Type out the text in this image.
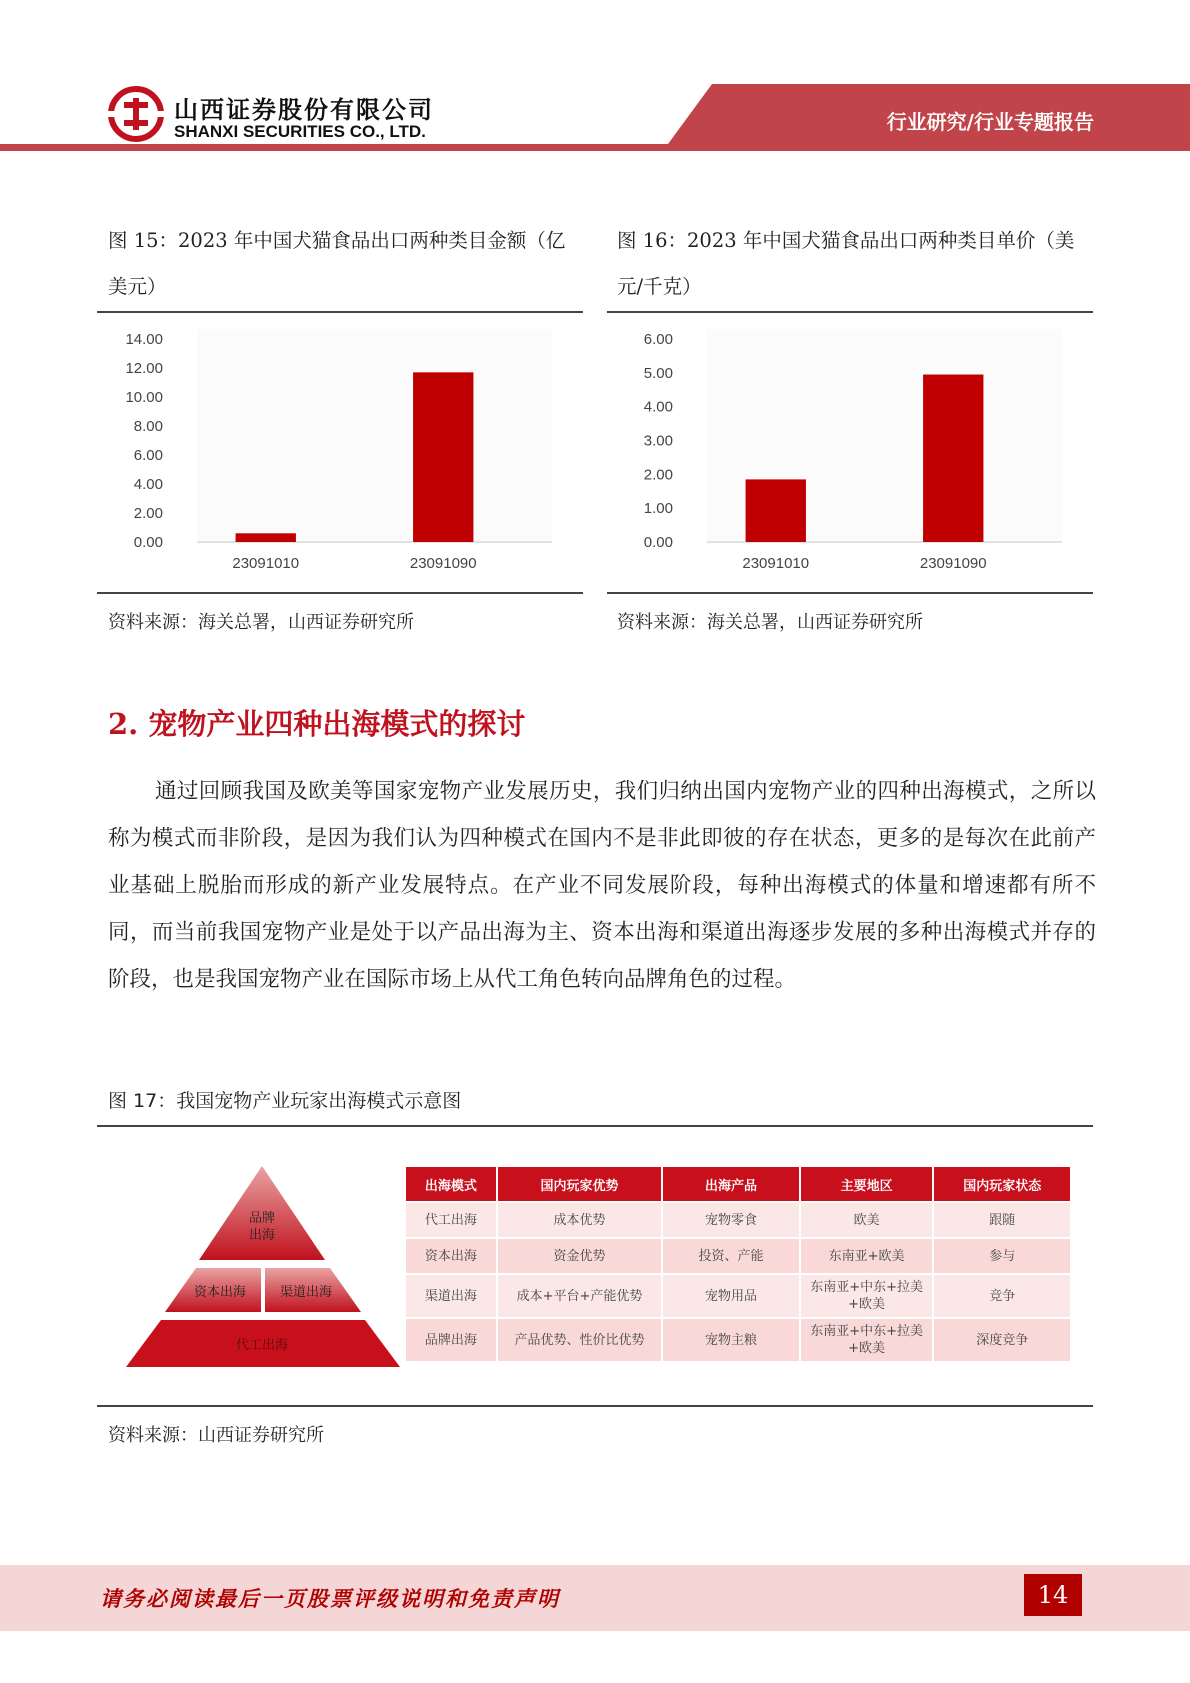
山西证券股份有限公司
SHANXI SECURITIES CO., LTD.	行业研究/行业专题报告
图 15：2023 年中国犬猫食品出口两种类目金额（亿
美元）
0.00
2.00
4.00
6.00
8.00
10.00
12.00
14.00
23091010	23091090
资料来源：海关总署，山西证券研究所
图 16：2023 年中国犬猫食品出口两种类目单价（美
元/千克）
0.00
1.00
2.00
3.00
4.00
5.00
6.00
23091010	23091090
资料来源：海关总署，山西证券研究所
2. 宠物产业四种出海模式的探讨
通过回顾我国及欧美等国家宠物产业发展历史，我们归纳出国内宠物产业的四种出海模式，之所以称为模式而非阶段，是因为我们认为四种模式在国内不是非此即彼的存在状态，更多的是每次在此前产业基础上脱胎而形成的新产业发展特点。在产业不同发展阶段，每种出海模式的体量和增速都有所不同，而当前我国宠物产业是处于以产品出海为主、资本出海和渠道出海逐步发展的多种出海模式并存的阶段，也是我国宠物产业在国际市场上从代工角色转向品牌角色的过程。
图 17：我国宠物产业玩家出海模式示意图
品牌出海
资本出海	渠道出海
代工出海
出海模式	国内玩家优势	出海产品	主要地区	国内玩家状态
代工出海	成本优势	宠物零食	欧美	跟随
资本出海	资金优势	投资、产能	东南亚+欧美	参与
渠道出海	成本+平台+产能优势	宠物用品	东南亚+中东+拉美+欧美	竞争
品牌出海	产品优势、性价比优势	宠物主粮	东南亚+中东+拉美+欧美	深度竞争
资料来源：山西证券研究所
请务必阅读最后一页股票评级说明和免责声明	14
